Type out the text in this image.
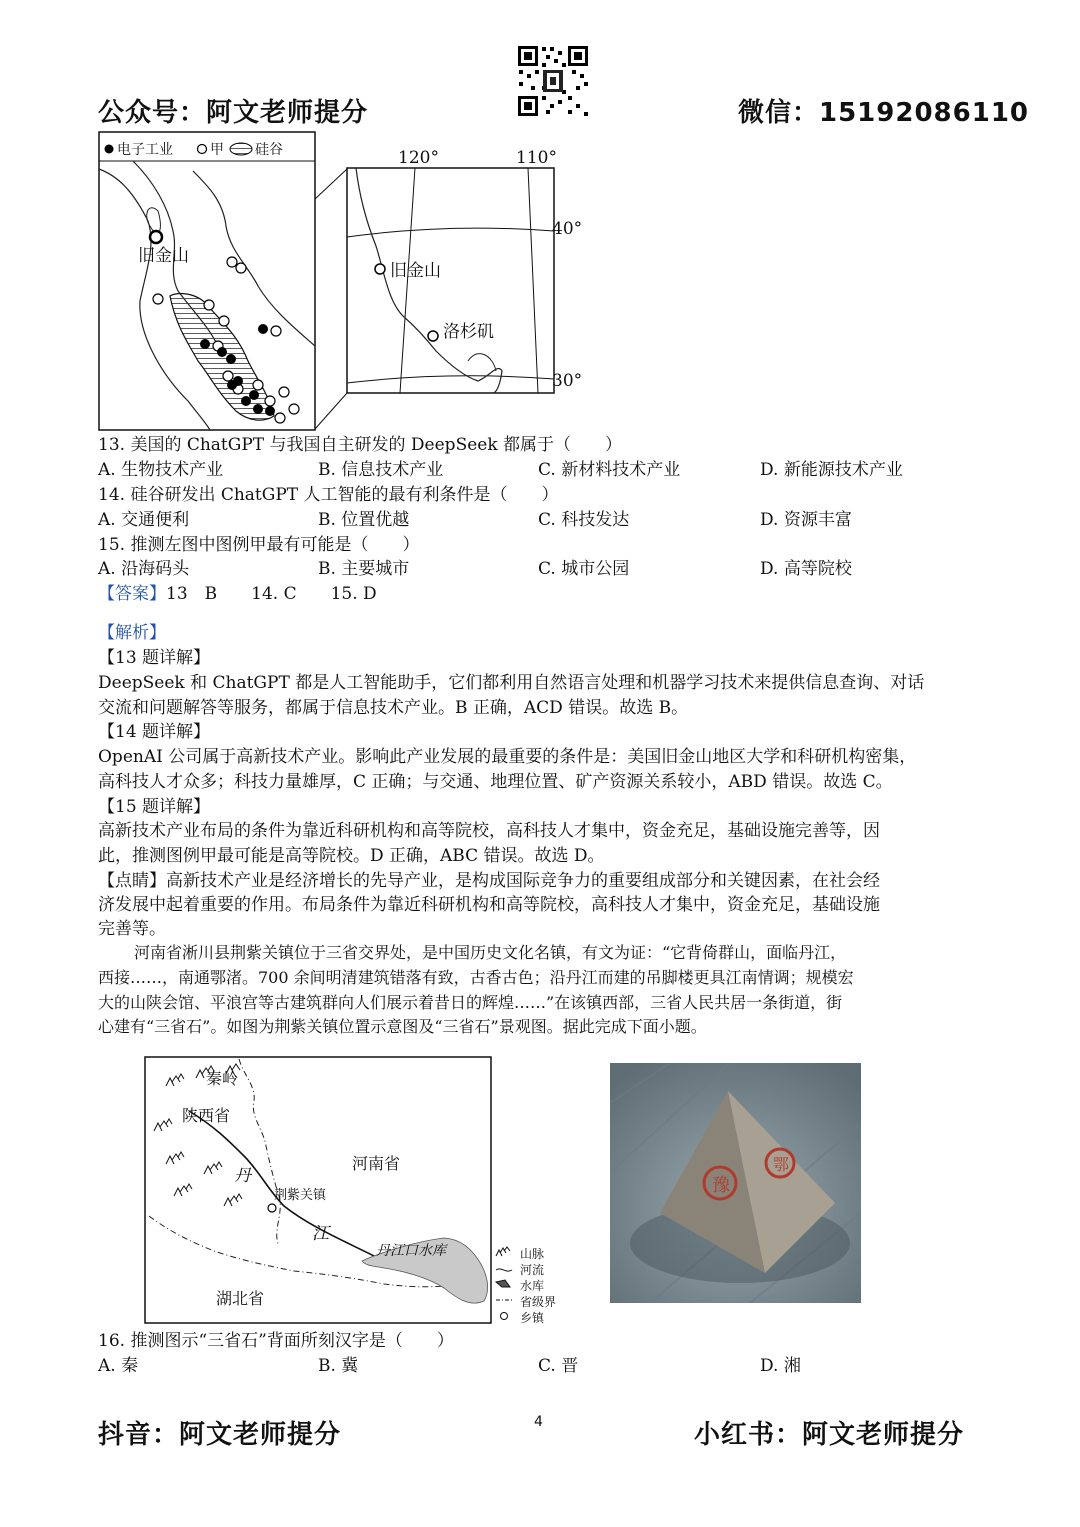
公众号：阿文老师提分	微信：15192086110
电子工业	甲 硅谷
旧金山
120°	110°
40°
30°
旧金山
洛杉矶
13. 美国的 ChatGPT 与我国自主研发的 DeepSeek 都属于（　　）
A. 生物技术产业	B. 信息技术产业	C. 新材料技术产业	D. 新能源技术产业
14. 硅谷研发出 ChatGPT 人工智能的最有利条件是（　　）
A. 交通便利	B. 位置优越	C. 科技发达	D. 资源丰富
15. 推测左图中图例甲最有可能是（　　）
A. 沿海码头	B. 主要城市	C. 城市公园	D. 高等院校
【答案】13　B　　14. C　　15. D
【解析】
【13 题详解】
DeepSeek 和 ChatGPT 都是人工智能助手，它们都利用自然语言处理和机器学习技术来提供信息查询、对话
交流和问题解答等服务，都属于信息技术产业。B 正确，ACD 错误。故选 B。
【14 题详解】
OpenAI 公司属于高新技术产业。影响此产业发展的最重要的条件是：美国旧金山地区大学和科研机构密集，
高科技人才众多；科技力量雄厚，C 正确；与交通、地理位置、矿产资源关系较小，ABD 错误。故选 C。
【15 题详解】
高新技术产业布局的条件为靠近科研机构和高等院校，高科技人才集中，资金充足，基础设施完善等，因
此，推测图例甲最可能是高等院校。D 正确，ABC 错误。故选 D。
【点睛】高新技术产业是经济增长的先导产业，是构成国际竞争力的重要组成部分和关键因素，在社会经
济发展中起着重要的作用。布局条件为靠近科研机构和高等院校，高科技人才集中，资金充足，基础设施
完善等。
河南省淅川县荆紫关镇位于三省交界处，是中国历史文化名镇，有文为证：“它背倚群山，面临丹江，
西接……，南通鄂渚。700 余间明清建筑错落有致，古香古色；沿丹江而建的吊脚楼更具江南情调；规模宏
大的山陕会馆、平浪宫等古建筑群向人们展示着昔日的辉煌……”在该镇西部，三省人民共居一条街道，街
心建有“三省石”。如图为荆紫关镇位置示意图及“三省石”景观图。据此完成下面小题。
秦岭
陕西省
河南省
丹
荆紫关镇
江
丹江口水库
湖北省
山脉
河流
水库
省级界
乡镇
豫
鄂
16. 推测图示“三省石”背面所刻汉字是（　　）
A. 秦	B. 冀	C. 晋	D. 湘
抖音：阿文老师提分	4	小红书：阿文老师提分
